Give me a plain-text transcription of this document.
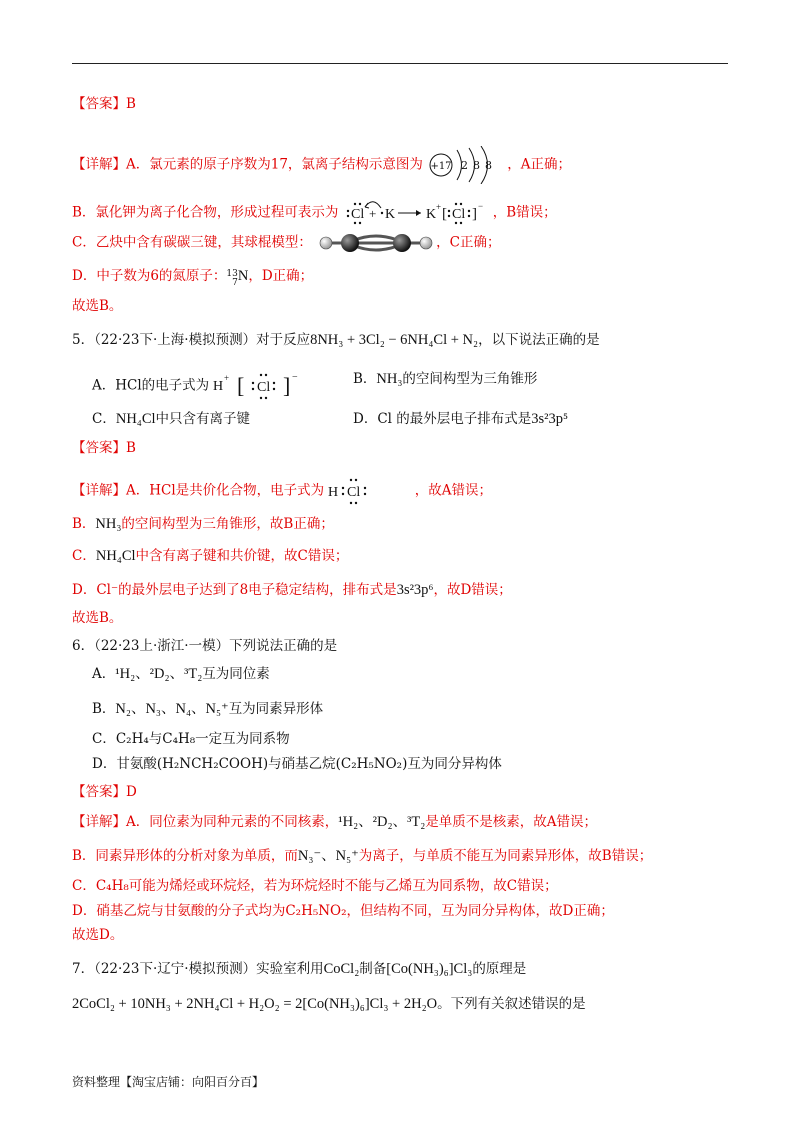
【答案】B
【详解】A．氯元素的原子序数为17，氯离子结构示意图为 +17 2 8 8 ，A正确；
B．氯化钾为离子化合物，形成过程可表示为 Cl + K K + [ Cl ] − ，B错误；
C．乙炔中含有碳碳三键，其球棍模型：	，C正确；
D．中子数为6的氮原子：13
7N，D正确；
故选B。
5．（22·23下·上海·模拟预测）对于反应8NH₃ + 3Cl₂ − 6NH₄Cl + N₂，以下说法正确的是
A．HCl的电子式为 H
+ [ Cl ] −	B．NH₃的空间构型为三角锥形
C．NH₄Cl中只含有离子键	D．Cl 的最外层电子排布式是3s²3p⁵
【答案】B
【详解】A．HCl是共价化合物，电子式为 H Cl	，故A错误；
B．NH₃的空间构型为三角锥形，故B正确；
C．NH₄Cl中含有离子键和共价键，故C错误；
D．Cl⁻的最外层电子达到了8电子稳定结构，排布式是3s²3p⁶，故D错误；
故选B。
6．（22·23上·浙江·一模）下列说法正确的是
A．¹H₂、²D₂、³T₂互为同位素
B．N₂、N₃、N₄、N₅⁺互为同素异形体
C．C₂H₄与C₄H₈一定互为同系物
D．甘氨酸(H₂NCH₂COOH)与硝基乙烷(C₂H₅NO₂)互为同分异构体
【答案】D
【详解】A．同位素为同种元素的不同核素，¹H₂、²D₂、³T₂是单质不是核素，故A错误；
B．同素异形体的分析对象为单质，而N₃⁻、N₅⁺为离子，与单质不能互为同素异形体，故B错误；
C．C₄H₈可能为烯烃或环烷烃，若为环烷烃时不能与乙烯互为同系物，故C错误；
D．硝基乙烷与甘氨酸的分子式均为C₂H₅NO₂，但结构不同，互为同分异构体，故D正确；
故选D。
7．（22·23下·辽宁·模拟预测）实验室利用CoCl₂制备[Co(NH₃)₆]Cl₃的原理是
2CoCl₂ + 10NH₃ + 2NH₄Cl + H₂O₂ = 2[Co(NH₃)₆]Cl₃ + 2H₂O。下列有关叙述错误的是
资料整理【淘宝店铺：向阳百分百】
